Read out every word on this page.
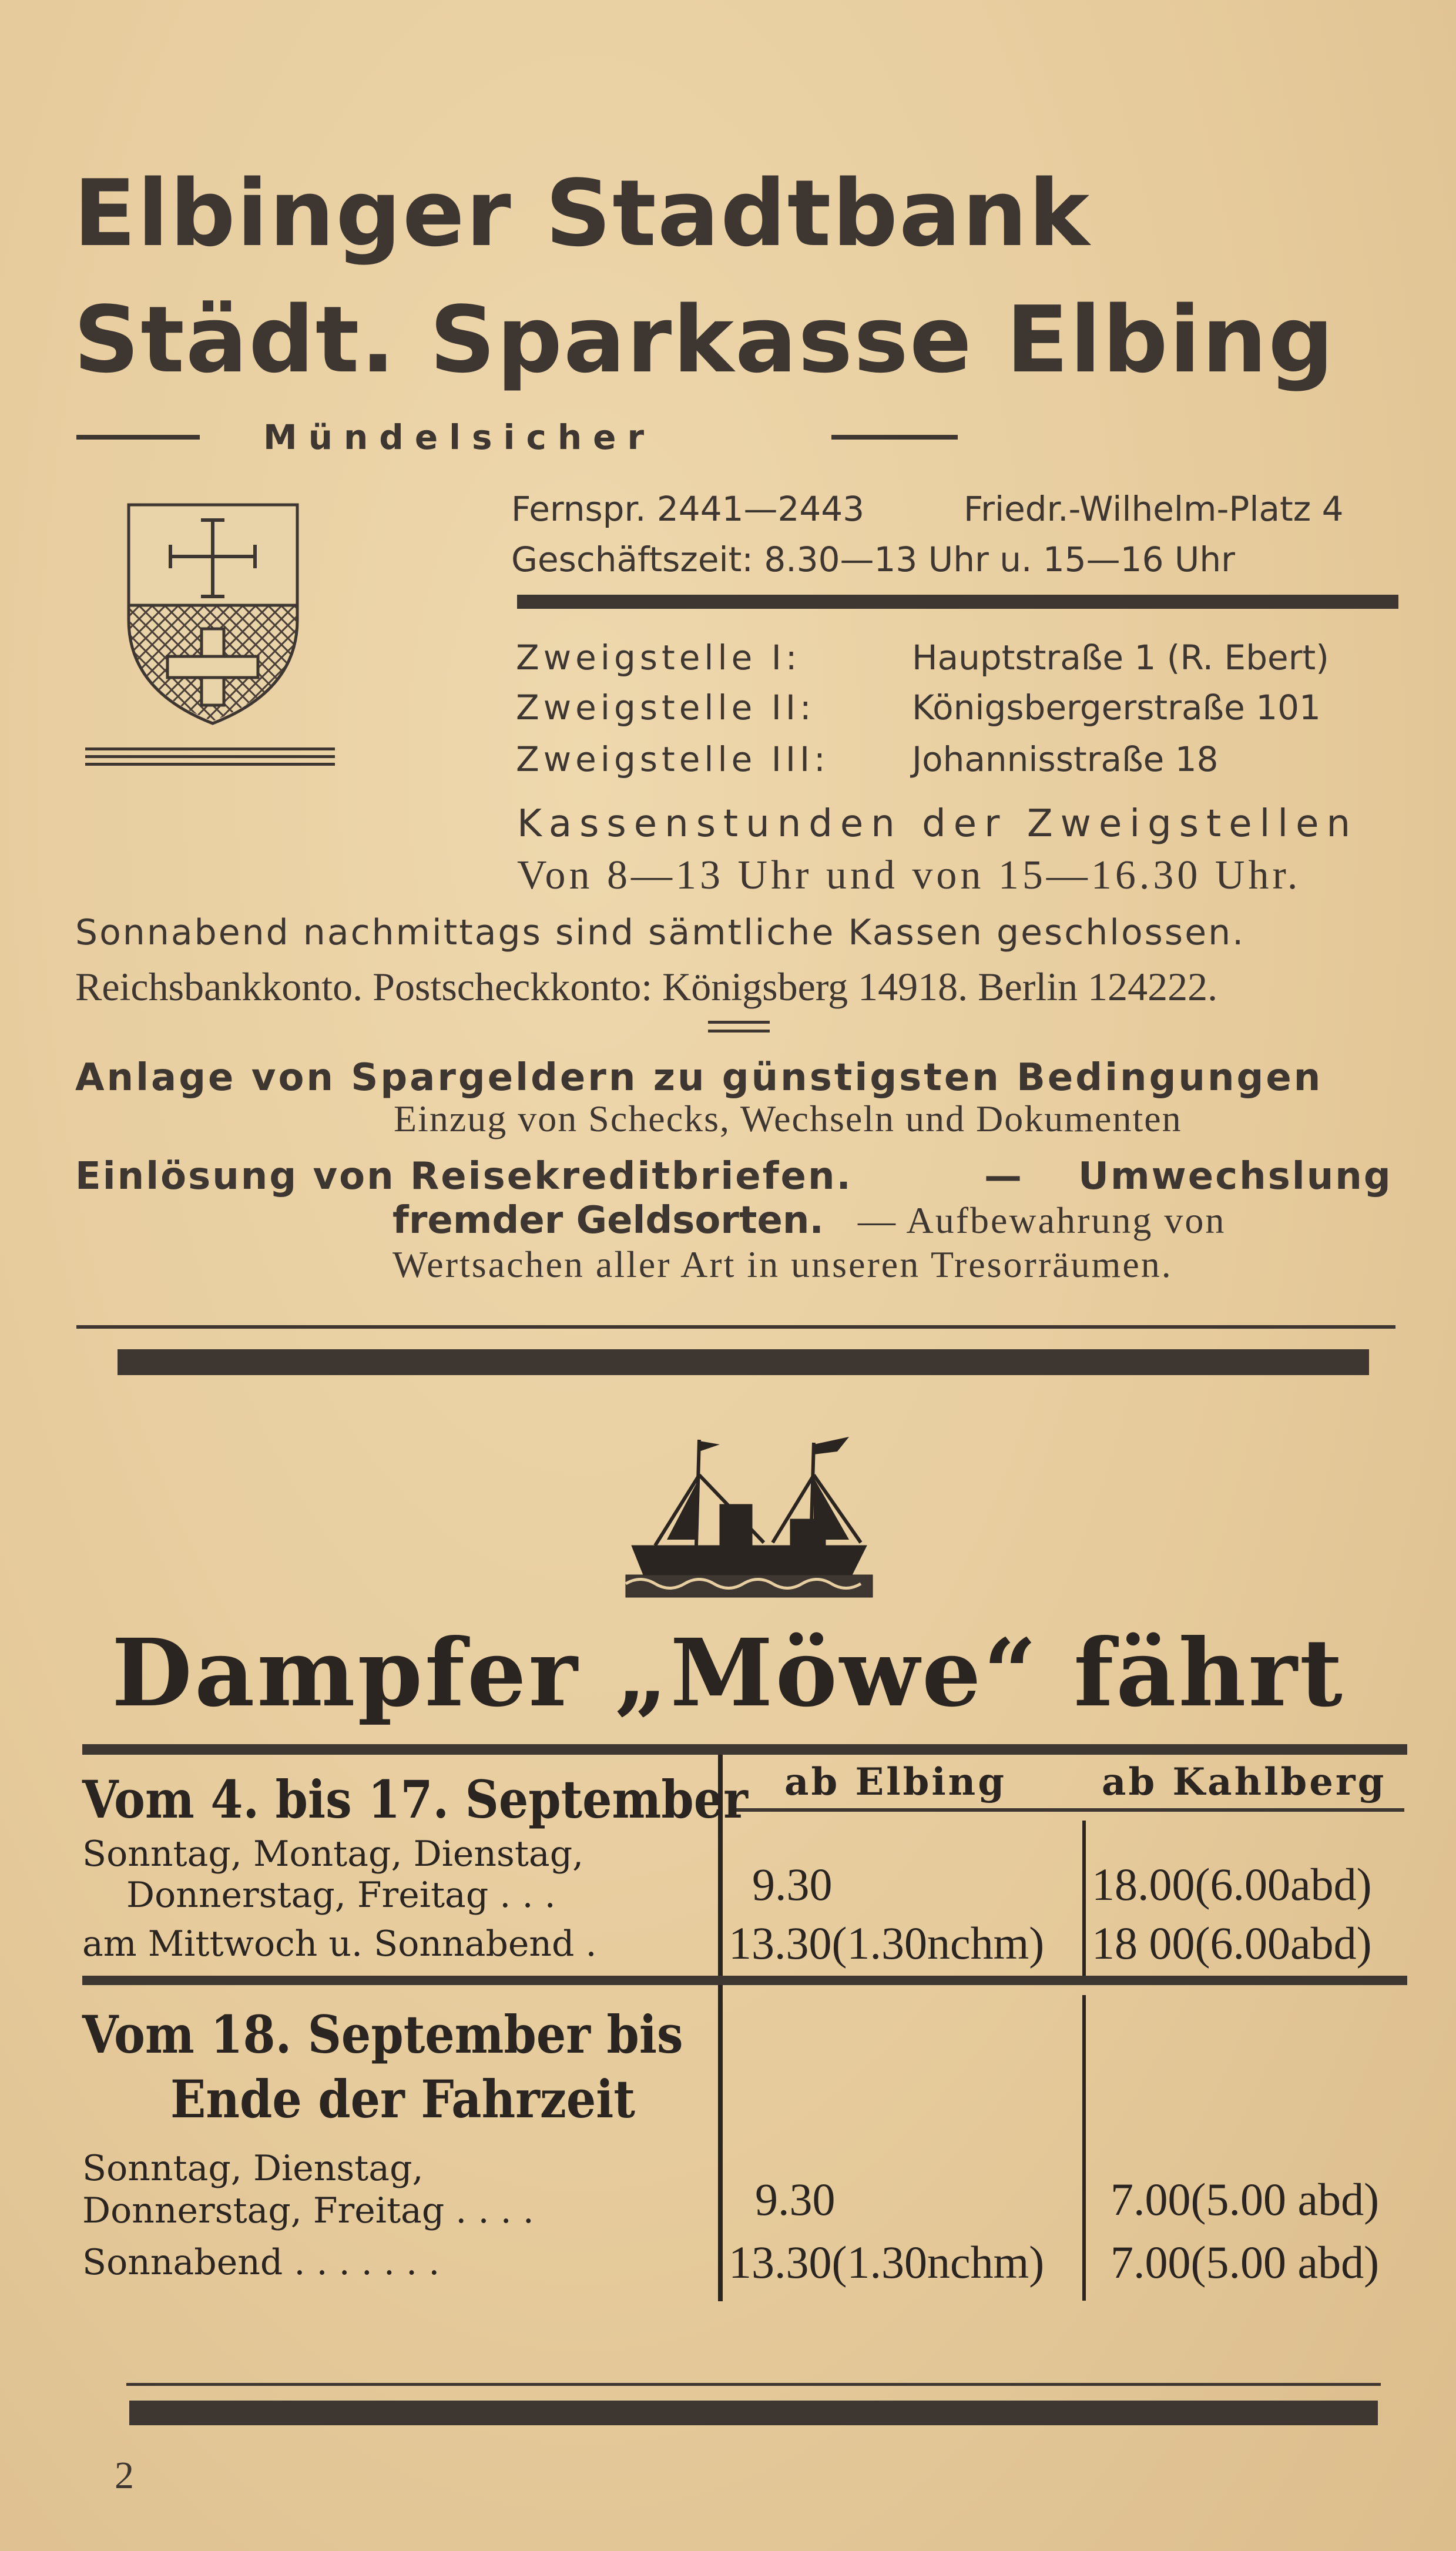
Elbinger Stadtbank
Städt. Sparkasse Elbing
Mündelsicher
Fernspr. 2441—2443	Friedr.-Wilhelm-Platz 4
Geschäftszeit: 8.30—13 Uhr u. 15—16 Uhr
Zweigstelle I:	Hauptstraße 1 (R. Ebert)
Zweigstelle II:	Königsbergerstraße 101
Zweigstelle III: Johannisstraße 18
Kassenstunden der Zweigstellen
Von 8—13 Uhr und von 15—16.30 Uhr.
Sonnabend nachmittags sind sämtliche Kassen geschlossen.
Reichsbankkonto. Postscheckkonto: Königsberg 14918. Berlin 124222.
Anlage von Spargeldern zu günstigsten Bedingungen
Einzug von Schecks, Wechseln und Dokumenten
Einlösung von Reisekreditbriefen.	— Umwechslung
fremder Geldsorten. — Aufbewahrung von
Wertsachen aller Art in unseren Tresorräumen.
Dampfer „Möwe“ fährt
ab Elbing	ab Kahlberg
Vom 4. bis 17. September
Sonntag, Montag, Dienstag,
Donnerstag, Freitag . . .	9.30	18.00(6.00abd)
am Mittwoch u. Sonnabend .	13.30(1.30nchm) 18 00(6.00abd)
Vom 18. September bis
Ende der Fahrzeit
Sonntag, Dienstag,
Donnerstag, Freitag . . . .	9.30	7.00(5.00 abd)
Sonnabend . . . . . . .	13.30(1.30nchm) 7.00(5.00 abd)
2
